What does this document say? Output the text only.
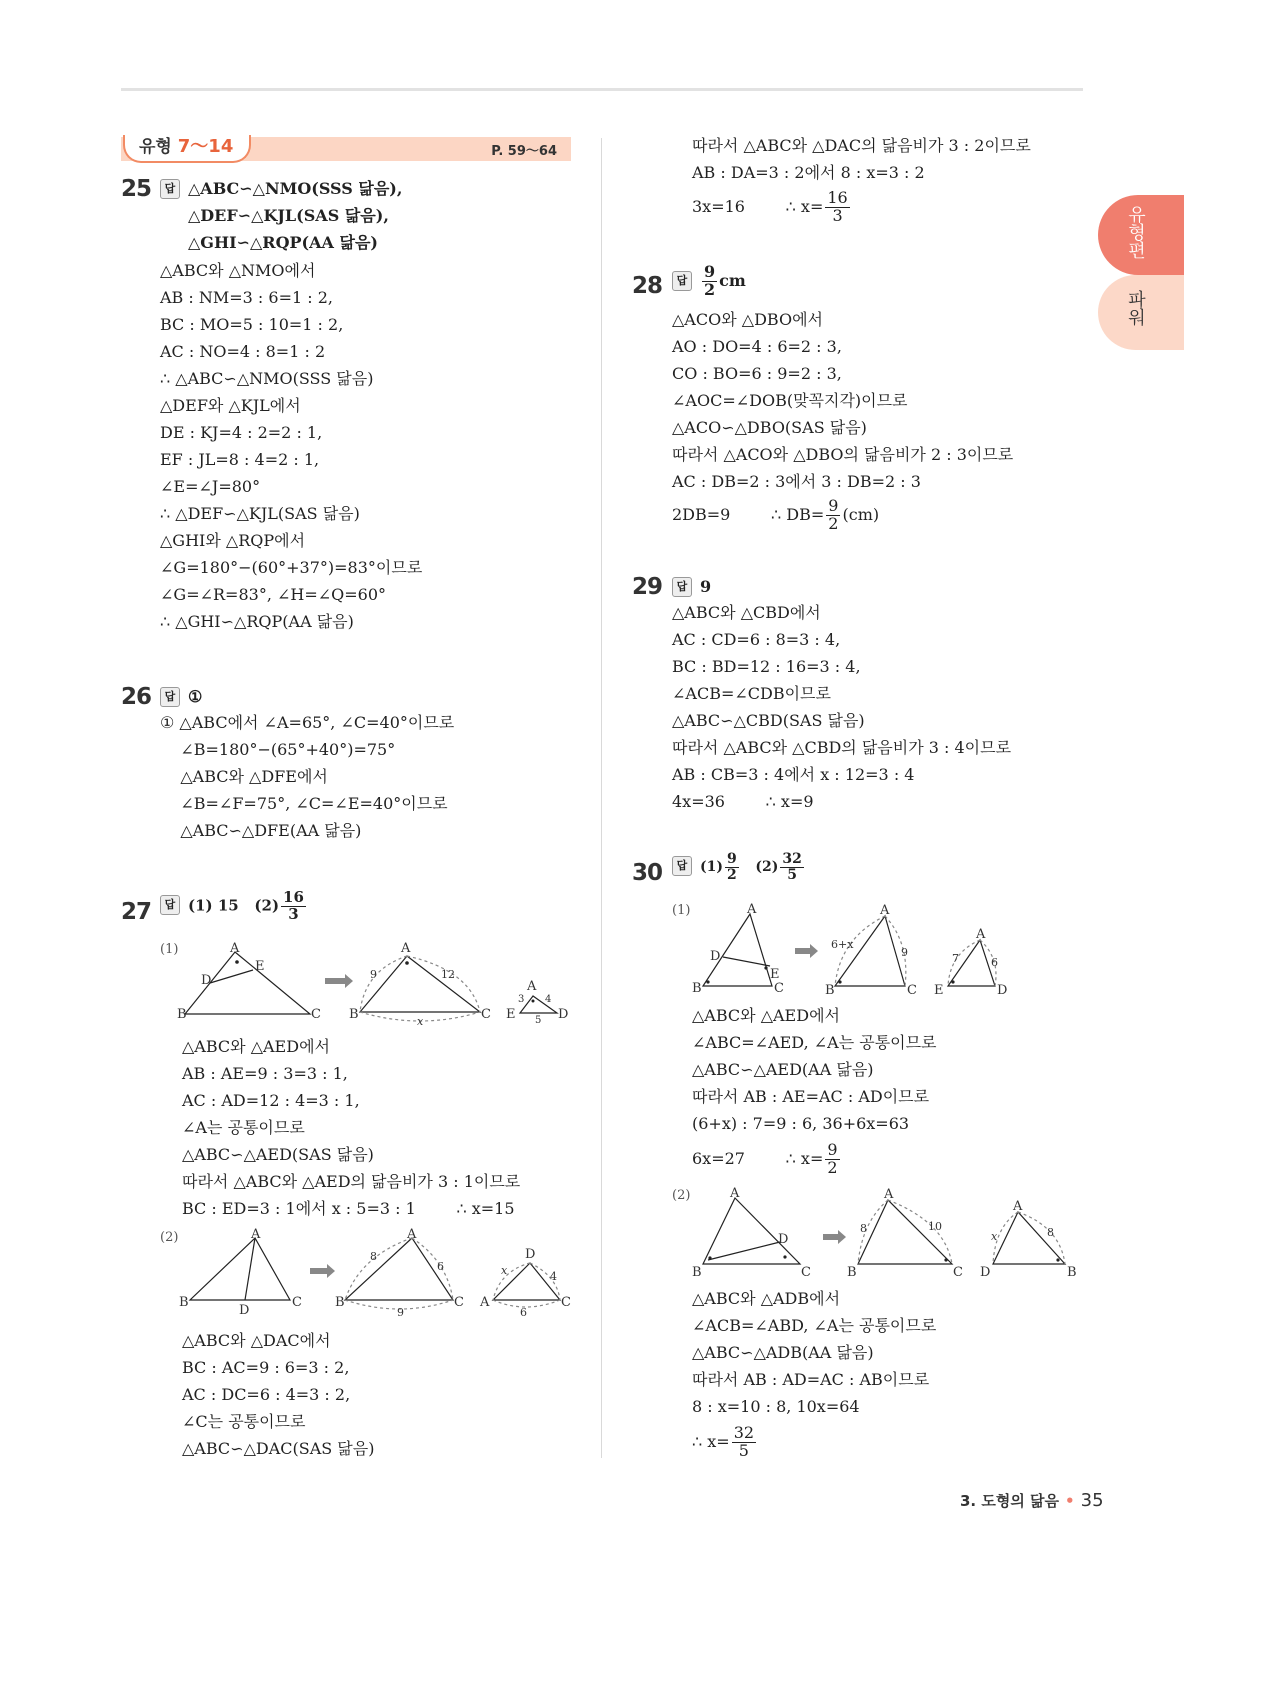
유형 7～14	P. 59～64
유형편
파워
25	답 △ABC∽△NMO(SSS 닮음),
△DEF∽△KJL(SAS 닮음),
△GHI∽△RQP(AA 닮음)
△ABC와 △NMO에서
AB : NM=3 : 6=1 : 2,
BC : MO=5 : 10=1 : 2,
AC : NO=4 : 8=1 : 2
∴ △ABC∽△NMO(SSS 닮음)
△DEF와 △KJL에서
DE : KJ=4 : 2=2 : 1,
EF : JL=8 : 4=2 : 1,
∠E=∠J=80°
∴ △DEF∽△KJL(SAS 닮음)
△GHI와 △RQP에서
∠G=180°−(60°+37°)=83°이므로
∠G=∠R=83°, ∠H=∠Q=60°
∴ △GHI∽△RQP(AA 닮음)
26	답 ①
① △ABC에서 ∠A=65°, ∠C=40°이므로
∠B=180°−(65°+40°)=75°
△ABC와 △DFE에서
∠B=∠F=75°, ∠C=∠E=40°이므로
△ABC∽△DFE(AA 닮음)
27	답 (1) 15 $(2) \frac{16}{3}$
(1)	A
B	C
D
E
A
B	C
9	12
x
A
E	D
3 4
5
△ABC와 △AED에서
AB : AE=9 : 3=3 : 1,
AC : AD=12 : 4=3 : 1,
∠A는 공통이므로
△ABC∽△AED(SAS 닮음)
따라서 △ABC와 △AED의 닮음비가 3 : 1이므로
BC : ED=3 : 1에서 x : 5=3 : 1        ∴ x=15
(2)	A
B	C
D
A
B	C
8
6
9
D
A	C
x	4
6
△ABC와 △DAC에서
BC : AC=9 : 6=3 : 2,
AC : DC=6 : 4=3 : 2,
∠C는 공통이므로
△ABC∽△DAC(SAS 닮음)
따라서 △ABC와 △DAC의 닮음비가 3 : 2이므로
AB : DA=3 : 2에서 8 : x=3 : 2
3x=16        ∴ $x= \frac{16}{3}$
28	답 $\frac{9}{2}$ cm
△ACO와 △DBO에서
AO : DO=4 : 6=2 : 3,
CO : BO=6 : 9=2 : 3,
∠AOC=∠DOB(맞꼭지각)이므로
△ACO∽△DBO(SAS 닮음)
따라서 △ACO와 △DBO의 닮음비가 2 : 3이므로
AC : DB=2 : 3에서 3 : DB=2 : 3
2DB=9        ∴ $DB= \frac{9}{2} (cm)$
29	답 9
△ABC와 △CBD에서
AC : CD=6 : 8=3 : 4,
BC : BD=12 : 16=3 : 4,
∠ACB=∠CDB이므로
△ABC∽△CBD(SAS 닮음)
따라서 △ABC와 △CBD의 닮음비가 3 : 4이므로
AB : CB=3 : 4에서 x : 12=3 : 4
4x=36        ∴ x=9
30	답 $(1) \frac{9}{2} (2) \frac{32}{5}$
(1)	A
B	C
D
E
A
B	C
6+x
9
A
E	D
7	6
△ABC와 △AED에서
∠ABC=∠AED, ∠A는 공통이므로
△ABC∽△AED(AA 닮음)
따라서 AB : AE=AC : AD이므로
(6+x) : 7=9 : 6, 36+6x=63
6x=27        ∴ $x= \frac{9}{2}$
(2)	A
B	C
D
A
B	C
8	10
A
D	B
x	8
△ABC와 △ADB에서
∠ACB=∠ABD, ∠A는 공통이므로
△ABC∽△ADB(AA 닮음)
따라서 AB : AD=AC : AB이므로
8 : x=10 : 8, 10x=64
∴ $x= \frac{32}{5}$
3. 도형의 닮음 • 35
